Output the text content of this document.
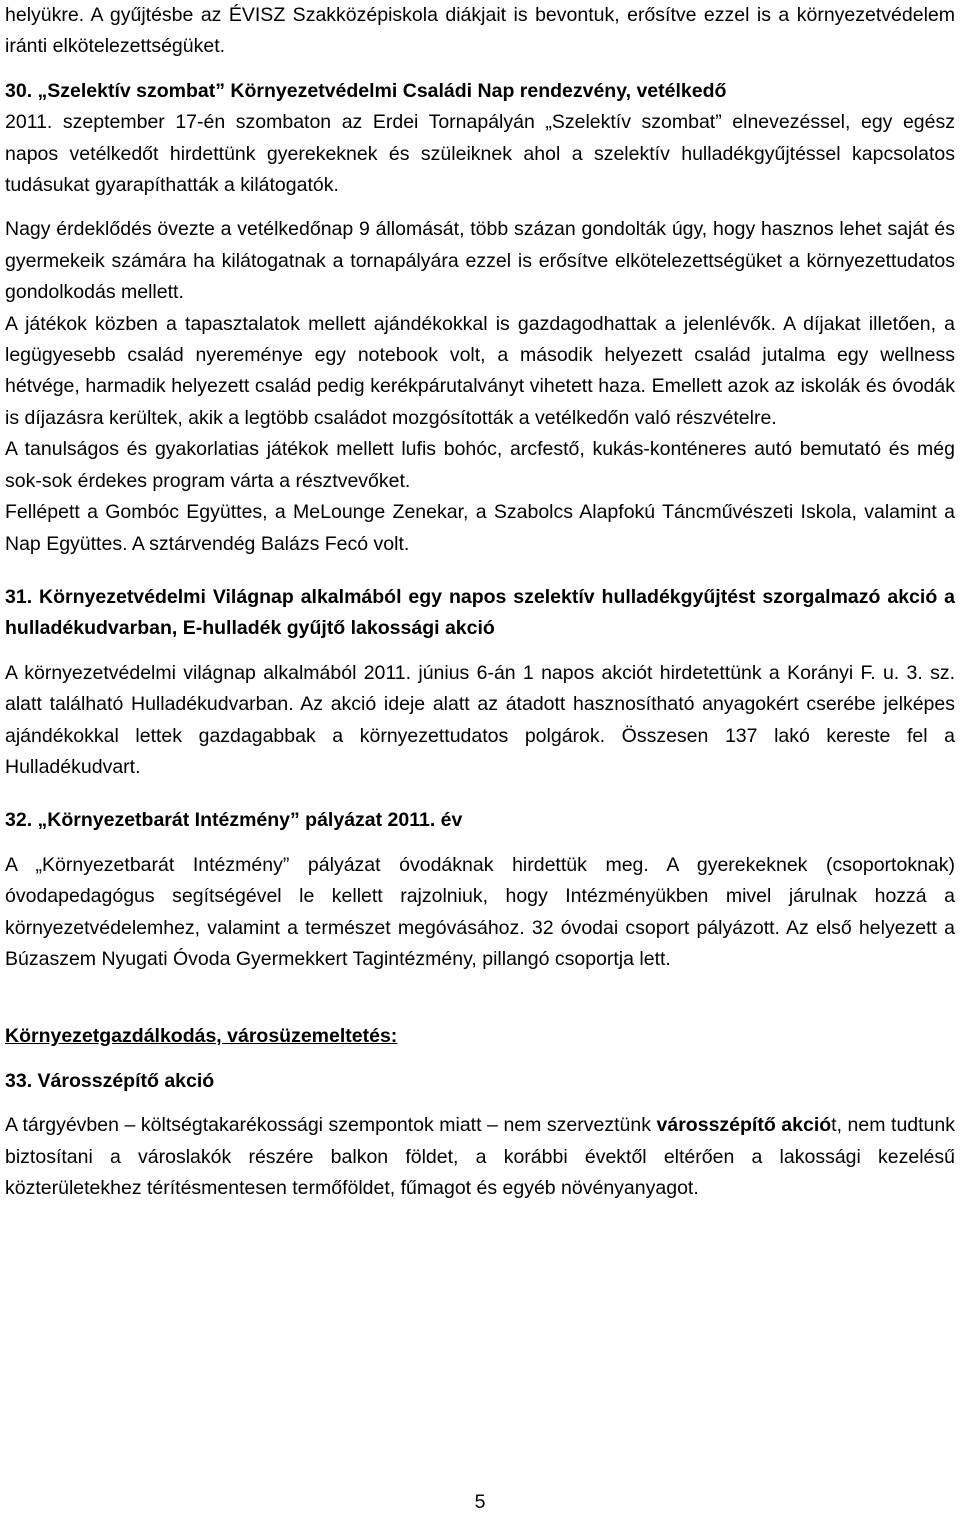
helyükre. A gyűjtésbe az ÉVISZ Szakközépiskola diákjait is bevontuk, erősítve ezzel is a környezetvédelem iránti elkötelezettségüket.

30. „Szelektív szombat” Környezetvédelmi Családi Nap rendezvény, vetélkedő

2011. szeptember 17-én szombaton az Erdei Tornapályán „Szelektív szombat” elnevezéssel, egy egész napos vetélkedőt hirdettünk gyerekeknek és szüleiknek ahol a szelektív hulladékgyűjtéssel kapcsolatos tudásukat gyarapíthatták a kilátogatók.

Nagy érdeklődés övezte a vetélkedőnap 9 állomását, több százan gondolták úgy, hogy hasznos lehet saját és gyermekeik számára ha kilátogatnak a tornapályára ezzel is erősítve elkötelezettségüket a környezettudatos gondolkodás mellett.

A játékok közben a tapasztalatok mellett ajándékokkal is gazdagodhattak a jelenlévők. A díjakat illetően, a legügyesebb család nyereménye egy notebook volt, a második helyezett család jutalma egy wellness hétvége, harmadik helyezett család pedig kerékpárutalványt vihetett haza. Emellett azok az iskolák és óvodák is díjazásra kerültek, akik a legtöbb családot mozgósították a vetélkedőn való részvételre.

A tanulságos és gyakorlatias játékok mellett lufis bohóc, arcfestő, kukás-konténeres autó bemutató és még sok-sok érdekes program várta a résztvevőket.

Fellépett a Gombóc Együttes, a MeLounge Zenekar, a Szabolcs Alapfokú Táncművészeti Iskola, valamint a Nap Együttes. A sztárvendég Balázs Fecó volt.

31. Környezetvédelmi Világnap alkalmából egy napos szelektív hulladékgyűjtést szorgalmazó akció a hulladékudvarban, E-hulladék gyűjtő lakossági akció

A környezetvédelmi világnap alkalmából 2011. június 6-án 1 napos akciót hirdetettünk a Korányi F. u. 3. sz. alatt található Hulladékudvarban. Az akció ideje alatt az átadott hasznosítható anyagokért cserébe jelképes ajándékokkal lettek gazdagabbak a környezettudatos polgárok. Összesen 137 lakó kereste fel a Hulladékudvart.

32. „Környezetbarát Intézmény” pályázat 2011. év

A „Környezetbarát Intézmény” pályázat óvodáknak hirdettük meg. A gyerekeknek (csoportoknak) óvodapedagógus segítségével le kellett rajzolniuk, hogy Intézményükben mivel járulnak hozzá a környezetvédelemhez, valamint a természet megóvásához. 32 óvodai csoport pályázott. Az első helyezett a Búzaszem Nyugati Óvoda Gyermekkert Tagintézmény, pillangó csoportja lett.

Környezetgazdálkodás, városüzemeltetés:

33. Városszépítő akció

A tárgyévben – költségtakarékossági szempontok miatt – nem szerveztünk városszépítő akciót, nem tudtunk biztosítani a városlakók részére balkon földet, a korábbi évektől eltérően a lakossági kezelésű közterületekhez térítésmentesen termőföldet, fűmagot és egyéb növényanyagot.

5
